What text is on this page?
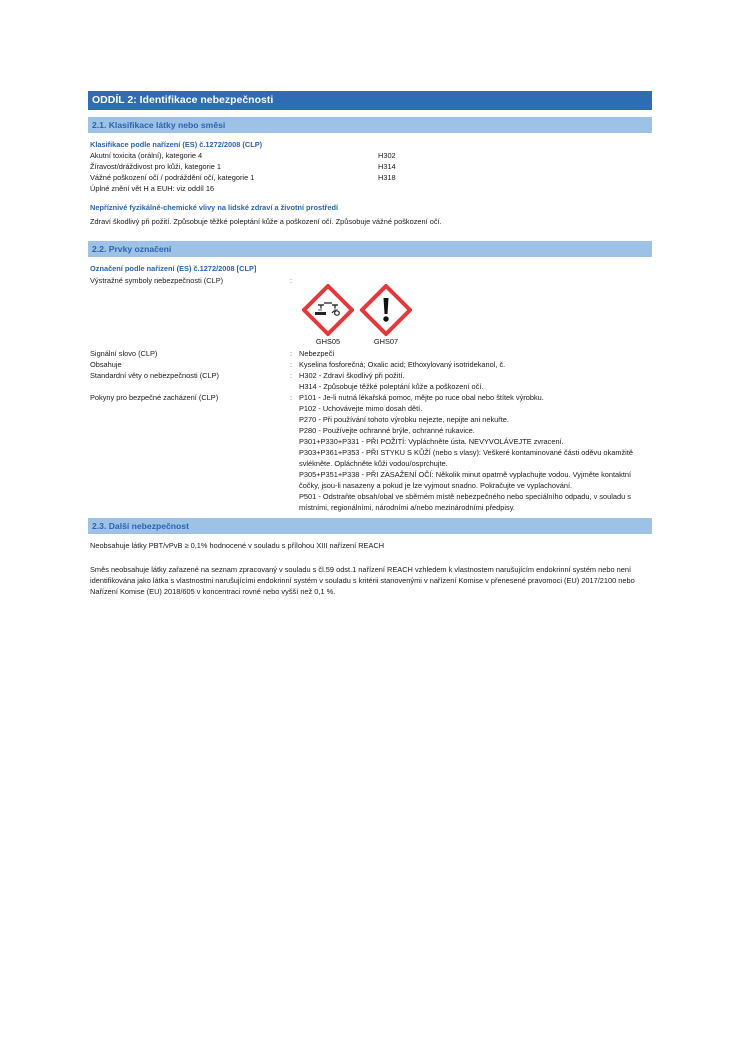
ODDÍL 2: Identifikace nebezpečnosti
2.1. Klasifikace látky nebo směsi
Klasifikace podle nařízení (ES) č.1272/2008 (CLP)
Akutní toxicita (orální), kategorie 4	H302
Žíravost/dráždivost pro kůži, kategorie 1	H314
Vážné poškození očí / podráždění očí, kategorie 1	H318
Úplné znění vět H a EUH: viz oddíl 16
Nepříznivé fyzikálně-chemické vlivy na lidské zdraví a životní prostředí
Zdraví škodlivý při požití. Způsobuje těžké poleptání kůže a poškození očí. Způsobuje vážné poškození očí.
2.2. Prvky označení
Označení podle nařízení (ES) č.1272/2008 [CLP]
Výstražné symboly nebezpečnosti (CLP)	:
GHS05	GHS07
Signální slovo (CLP)	: Nebezpečí
Obsahuje	: Kyselina fosforečná; Oxalic acid; Ethoxylovaný isotridekanol, č.
Standardní věty o nebezpečnosti (CLP)	: H302 - Zdraví škodlivý při požití.
H314 - Způsobuje těžké poleptání kůže a poškození očí.
Pokyny pro bezpečné zacházení (CLP)	: P101 - Je-li nutná lékařská pomoc, mějte po ruce obal nebo štítek výrobku.
P102 - Uchovávejte mimo dosah dětí.
P270 - Při používání tohoto výrobku nejezte, nepijte ani nekuřte.
P280 - Používejte ochranné brýle, ochranné rukavice.
P301+P330+P331 - PŘI POŽITÍ: Vypláchněte ústa. NEVYVOLÁVEJTE zvracení.
P303+P361+P353 - PŘI STYKU S KŮŽÍ (nebo s vlasy): Veškeré kontaminované části oděvu okamžitě svlékněte. Opláchněte kůži vodou/osprchujte.
P305+P351+P338 - PŘI ZASAŽENÍ OČÍ: Několik minut opatrně vyplachujte vodou. Vyjměte kontaktní čočky, jsou-li nasazeny a pokud je lze vyjmout snadno. Pokračujte ve vyplachování.
P501 - Odstraňte obsah/obal ve sběrném místě nebezpečného nebo speciálního odpadu, v souladu s místními, regionálními, národními a/nebo mezinárodními předpisy.
2.3. Další nebezpečnost
Neobsahuje látky PBT/vPvB ≥ 0,1% hodnocené v souladu s přílohou XIII nařízení REACH
Směs neobsahuje látky zařazené na seznam zpracovaný v souladu s čl.59 odst.1 nařízení REACH vzhledem k vlastnostem narušujícím endokrinní systém nebo není identifikována jako látka s vlastnostmi narušujícími endokrinní systém v souladu s kritérii stanovenými v nařízení Komise v přenesené pravomoci (EU) 2017/2100 nebo Nařízení Komise (EU) 2018/605 v koncentraci rovné nebo vyšší než 0,1 %.
